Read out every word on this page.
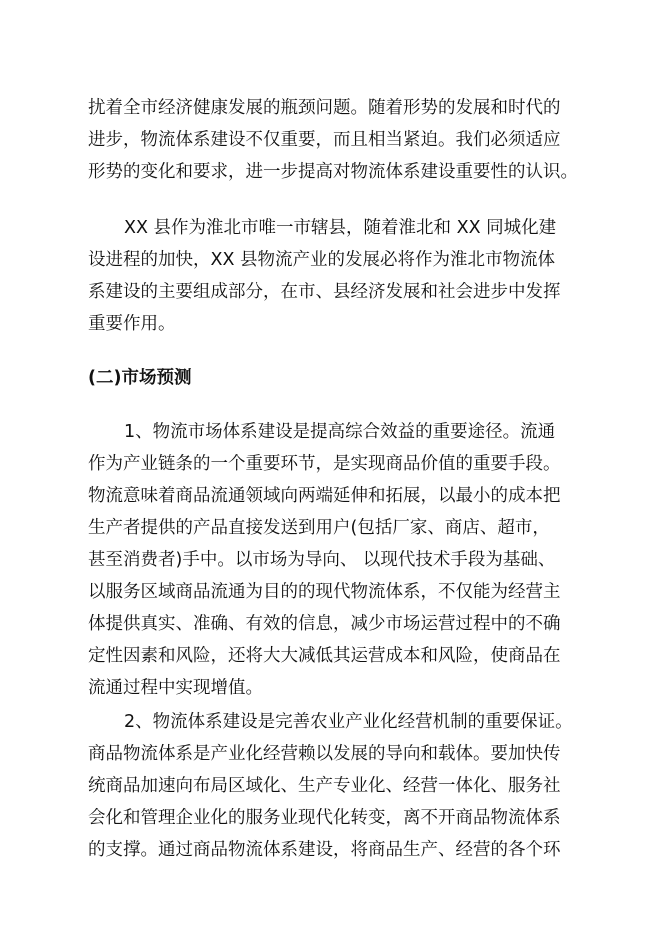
扰着全市经济健康发展的瓶颈问题。随着形势的发展和时代的
进步，物流体系建设不仅重要，而且相当紧迫。我们必须适应
形势的变化和要求，进一步提高对物流体系建设重要性的认识。
XX 县作为淮北市唯一市辖县，随着淮北和 XX 同城化建
设进程的加快，XX 县物流产业的发展必将作为淮北市物流体
系建设的主要组成部分，在市、县经济发展和社会进步中发挥
重要作用。
(二)市场预测
1、物流市场体系建设是提高综合效益的重要途径。流通
作为产业链条的一个重要环节，是实现商品价值的重要手段。
物流意味着商品流通领域向两端延伸和拓展，以最小的成本把
生产者提供的产品直接发送到用户(包括厂家、商店、超市，
甚至消费者)手中。以市场为导向、 以现代技术手段为基础、
以服务区域商品流通为目的的现代物流体系，不仅能为经营主
体提供真实、准确、有效的信息，减少市场运营过程中的不确
定性因素和风险，还将大大减低其运营成本和风险，使商品在
流通过程中实现增值。
2、物流体系建设是完善农业产业化经营机制的重要保证。
商品物流体系是产业化经营赖以发展的导向和载体。要加快传
统商品加速向布局区域化、生产专业化、经营一体化、服务社
会化和管理企业化的服务业现代化转变，离不开商品物流体系
的支撑。通过商品物流体系建设，将商品生产、经营的各个环
